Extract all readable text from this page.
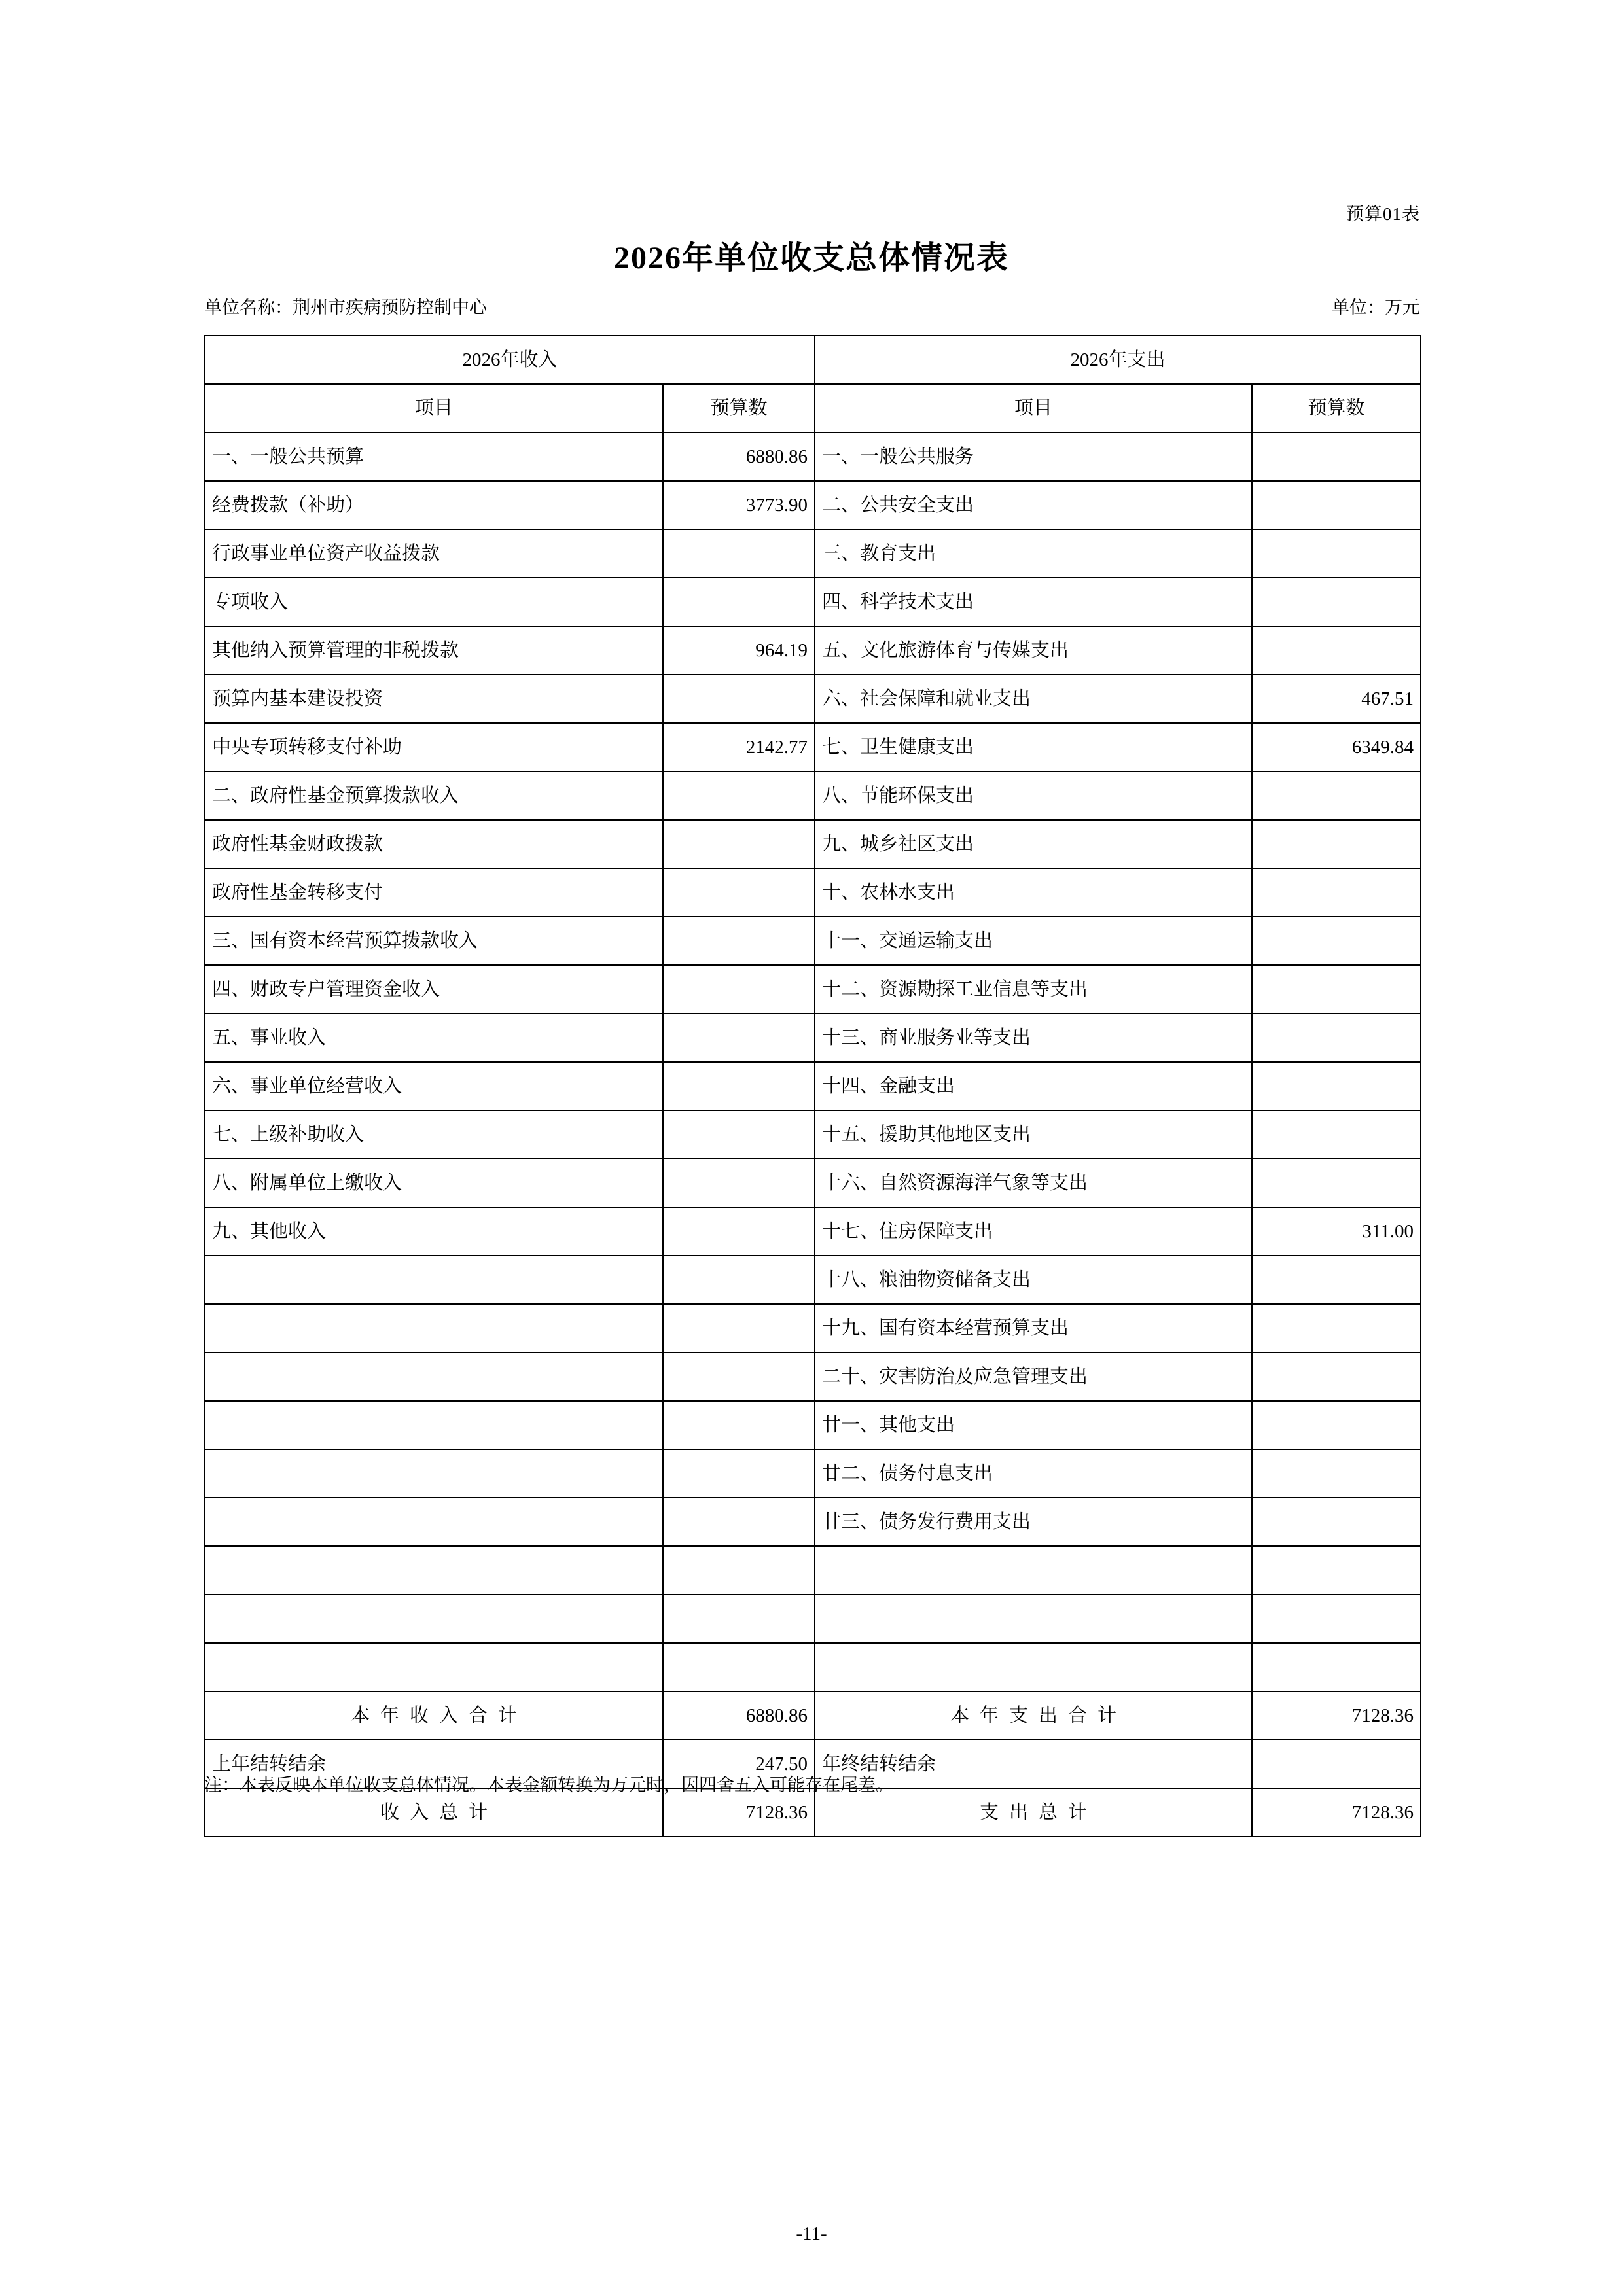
预算01表
2026年单位收支总体情况表
单位名称：荆州市疾病预防控制中心	单位：万元
2026年收入		2026年支出	
项目	预算数	项目	预算数
一、一般公共预算	6880.86	一、一般公共服务	
经费拨款（补助）	3773.90	二、公共安全支出	
行政事业单位资产收益拨款		三、教育支出	
专项收入		四、科学技术支出	
其他纳入预算管理的非税拨款	964.19	五、文化旅游体育与传媒支出	
预算内基本建设投资		六、社会保障和就业支出	467.51
中央专项转移支付补助	2142.77	七、卫生健康支出	6349.84
二、政府性基金预算拨款收入		八、节能环保支出	
政府性基金财政拨款		九、城乡社区支出	
政府性基金转移支付		十、农林水支出	
三、国有资本经营预算拨款收入		十一、交通运输支出	
四、财政专户管理资金收入		十二、资源勘探工业信息等支出	
五、事业收入		十三、商业服务业等支出	
六、事业单位经营收入		十四、金融支出	
七、上级补助收入		十五、援助其他地区支出	
八、附属单位上缴收入		十六、自然资源海洋气象等支出	
九、其他收入		十七、住房保障支出	311.00
		十八、粮油物资储备支出	
		十九、国有资本经营预算支出	
		二十、灾害防治及应急管理支出	
		廿一、其他支出	
		廿二、债务付息支出	
		廿三、债务发行费用支出	

本年收入合计	6880.86	本年支出合计	7128.36
上年结转结余	247.50	年终结转结余	
收入总计	7128.36	支出总计	7128.36
注：本表反映本单位收支总体情况。本表金额转换为万元时，因四舍五入可能存在尾差。
-11-
